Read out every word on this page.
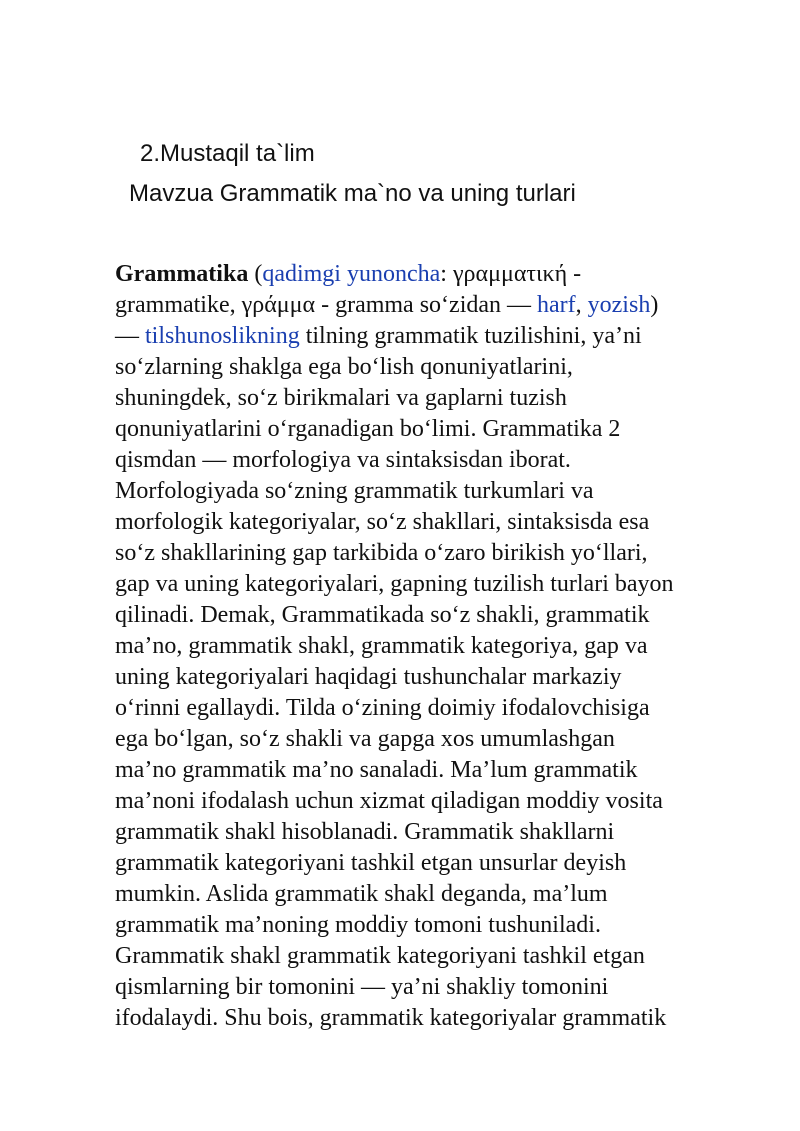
2.Mustaqil ta`lim
Mavzua Grammatik ma`no va uning turlari
Grammatika (qadimgi yunoncha: γραμματική -
grammatike, γράμμα - gramma so‘zidan — harf, yozish)
— tilshunoslikning tilning grammatik tuzilishini, ya’ni
so‘zlarning shaklga ega bo‘lish qonuniyatlarini,
shuningdek, so‘z birikmalari va gaplarni tuzish
qonuniyatlarini o‘rganadigan bo‘limi. Grammatika 2
qismdan — morfologiya va sintaksisdan iborat.
Morfologiyada so‘zning grammatik turkumlari va
morfologik kategoriyalar, so‘z shakllari, sintaksisda esa
so‘z shakllarining gap tarkibida o‘zaro birikish yo‘llari,
gap va uning kategoriyalari, gapning tuzilish turlari bayon
qilinadi. Demak, Grammatikada so‘z shakli, grammatik
ma’no, grammatik shakl, grammatik kategoriya, gap va
uning kategoriyalari haqidagi tushunchalar markaziy
o‘rinni egallaydi. Tilda o‘zining doimiy ifodalovchisiga
ega bo‘lgan, so‘z shakli va gapga xos umumlashgan
ma’no grammatik ma’no sanaladi. Ma’lum grammatik
ma’noni ifodalash uchun xizmat qiladigan moddiy vosita
grammatik shakl hisoblanadi. Grammatik shakllarni
grammatik kategoriyani tashkil etgan unsurlar deyish
mumkin. Aslida grammatik shakl deganda, ma’lum
grammatik ma’noning moddiy tomoni tushuniladi.
Grammatik shakl grammatik kategoriyani tashkil etgan
qismlarning bir tomonini — ya’ni shakliy tomonini
ifodalaydi. Shu bois, grammatik kategoriyalar grammatik
